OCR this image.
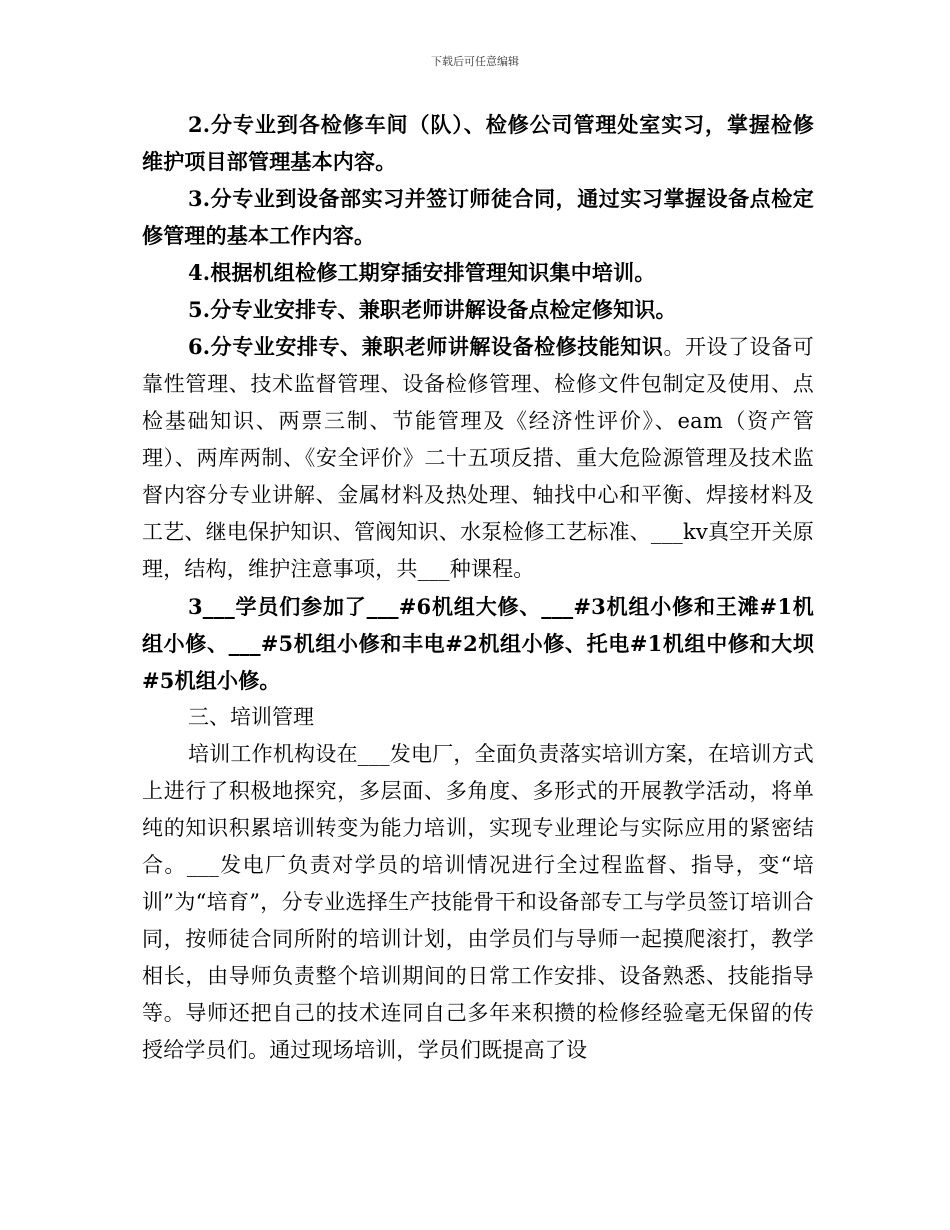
下载后可任意编辑

2.分专业到各检修车间（队）、检修公司管理处室实习，掌握检修维护项目部管理基本内容。

3.分专业到设备部实习并签订师徒合同，通过实习掌握设备点检定修管理的基本工作内容。

4.根据机组检修工期穿插安排管理知识集中培训。

5.分专业安排专、兼职老师讲解设备点检定修知识。

6.分专业安排专、兼职老师讲解设备检修技能知识。开设了设备可靠性管理、技术监督管理、设备检修管理、检修文件包制定及使用、点检基础知识、两票三制、节能管理及《经济性评价》、eam（资产管理）、两库两制、《安全评价》二十五项反措、重大危险源管理及技术监督内容分专业讲解、金属材料及热处理、轴找中心和平衡、焊接材料及工艺、继电保护知识、管阀知识、水泵检修工艺标准、___kv真空开关原理，结构，维护注意事项，共___种课程。

3___学员们参加了___#6机组大修、___#3机组小修和王滩#1机组小修、___#5机组小修和丰电#2机组小修、托电#1机组中修和大坝#5机组小修。

三、培训管理

培训工作机构设在___发电厂，全面负责落实培训方案，在培训方式上进行了积极地探究，多层面、多角度、多形式的开展教学活动，将单纯的知识积累培训转变为能力培训，实现专业理论与实际应用的紧密结合。___发电厂负责对学员的培训情况进行全过程监督、指导，变“培训”为“培育”，分专业选择生产技能骨干和设备部专工与学员签订培训合同，按师徒合同所附的培训计划，由学员们与导师一起摸爬滚打，教学相长，由导师负责整个培训期间的日常工作安排、设备熟悉、技能指导等。导师还把自己的技术连同自己多年来积攒的检修经验毫无保留的传授给学员们。通过现场培训，学员们既提高了设
